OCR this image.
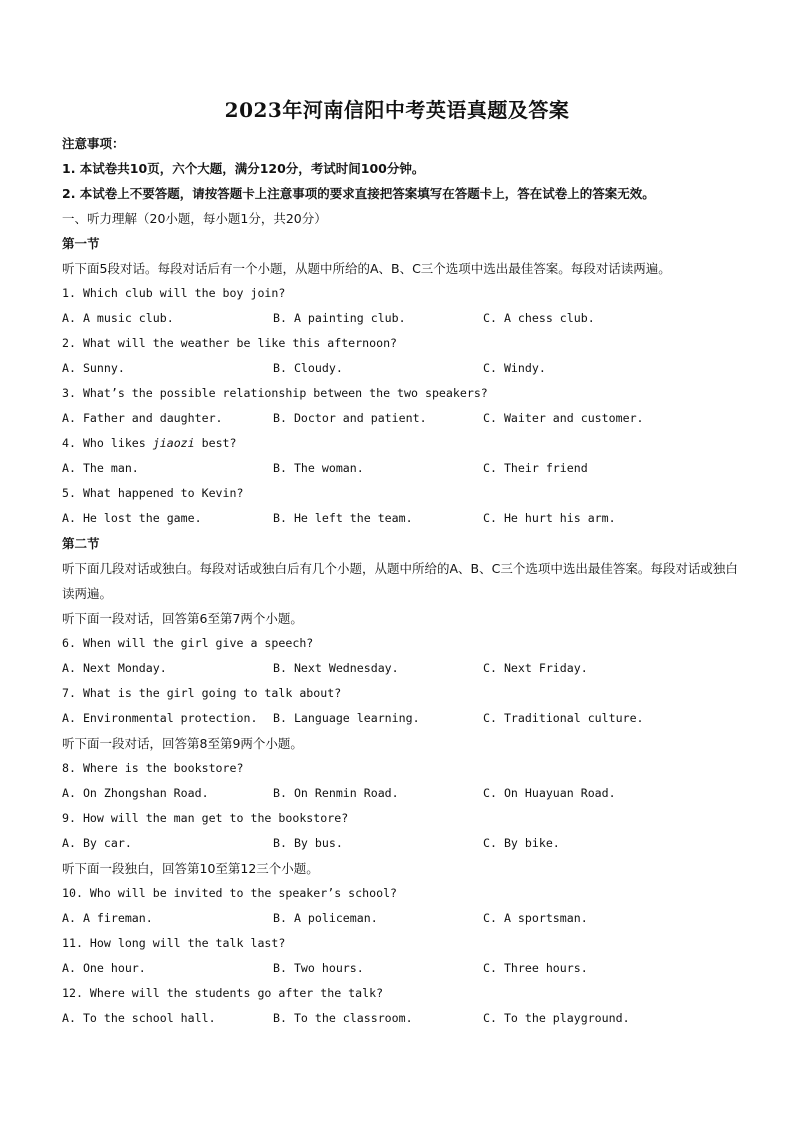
2023年河南信阳中考英语真题及答案
注意事项：
1. 本试卷共10页，六个大题，满分120分，考试时间100分钟。
2. 本试卷上不要答题，请按答题卡上注意事项的要求直接把答案填写在答题卡上，答在试卷上的答案无效。
一、听力理解（20小题，每小题1分，共20分）
第一节
听下面5段对话。每段对话后有一个小题，从题中所给的A、B、C三个选项中选出最佳答案。每段对话读两遍。
1. Which club will the boy join?
A. A music club.	B. A painting club.	C. A chess club.
2. What will the weather be like this afternoon?
A. Sunny.	B. Cloudy.	C. Windy.
3. What’s the possible relationship between the two speakers?
A. Father and daughter.	B. Doctor and patient.	C. Waiter and customer.
4. Who likes jiaozi best?
A. The man.	B. The woman.	C. Their friend
5. What happened to Kevin?
A. He lost the game.	B. He left the team.	C. He hurt his arm.
第二节
听下面几段对话或独白。每段对话或独白后有几个小题，从题中所给的A、B、C三个选项中选出最佳答案。每段对话或独白读两遍。
听下面一段对话，回答第6至第7两个小题。
6. When will the girl give a speech?
A. Next Monday.	B. Next Wednesday.	C. Next Friday.
7. What is the girl going to talk about?
A. Environmental protection. B. Language learning.	C. Traditional culture.
听下面一段对话，回答第8至第9两个小题。
8. Where is the bookstore?
A. On Zhongshan Road.	B. On Renmin Road.	C. On Huayuan Road.
9. How will the man get to the bookstore?
A. By car.	B. By bus.	C. By bike.
听下面一段独白，回答第10至第12三个小题。
10. Who will be invited to the speaker’s school?
A. A fireman.	B. A policeman.	C. A sportsman.
11. How long will the talk last?
A. One hour.	B. Two hours.	C. Three hours.
12. Where will the students go after the talk?
A. To the school hall.	B. To the classroom.	C. To the playground.
